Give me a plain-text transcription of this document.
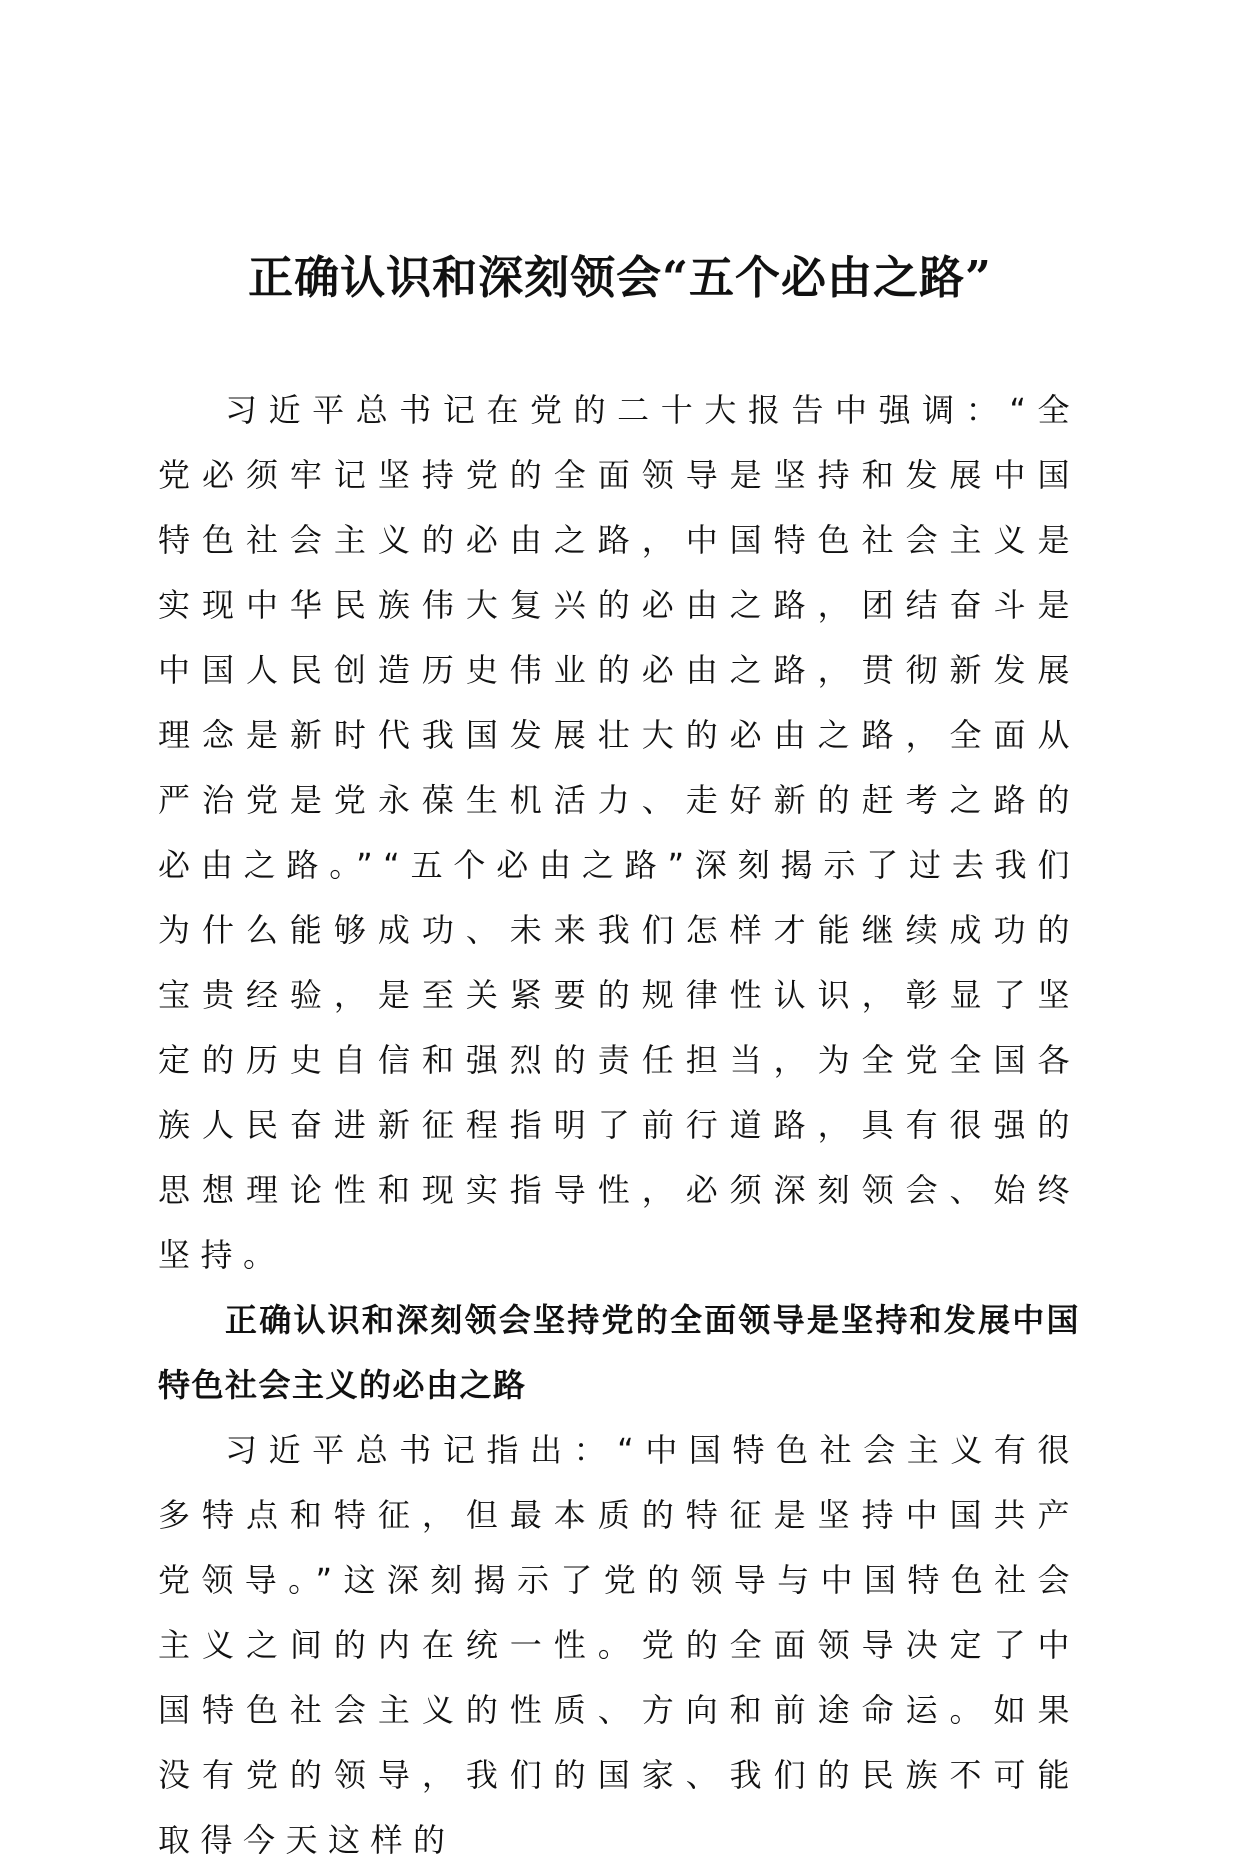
正确认识和深刻领会“五个必由之路”

习近平总书记在党的二十大报告中强调：“全党必须牢记坚持党的全面领导是坚持和发展中国特色社会主义的必由之路，中国特色社会主义是实现中华民族伟大复兴的必由之路，团结奋斗是中国人民创造历史伟业的必由之路，贯彻新发展理念是新时代我国发展壮大的必由之路，全面从严治党是党永葆生机活力、走好新的赶考之路的必由之路。”“五个必由之路”深刻揭示了过去我们为什么能够成功、未来我们怎样才能继续成功的宝贵经验，是至关紧要的规律性认识，彰显了坚定的历史自信和强烈的责任担当，为全党全国各族人民奋进新征程指明了前行道路，具有很强的思想理论性和现实指导性，必须深刻领会、始终坚持。

正确认识和深刻领会坚持党的全面领导是坚持和发展中国特色社会主义的必由之路

习近平总书记指出：“中国特色社会主义有很多特点和特征，但最本质的特征是坚持中国共产党领导。”这深刻揭示了党的领导与中国特色社会主义之间的内在统一性。党的全面领导决定了中国特色社会主义的性质、方向和前途命运。如果没有党的领导，我们的国家、我们的民族不可能取得今天这样的
